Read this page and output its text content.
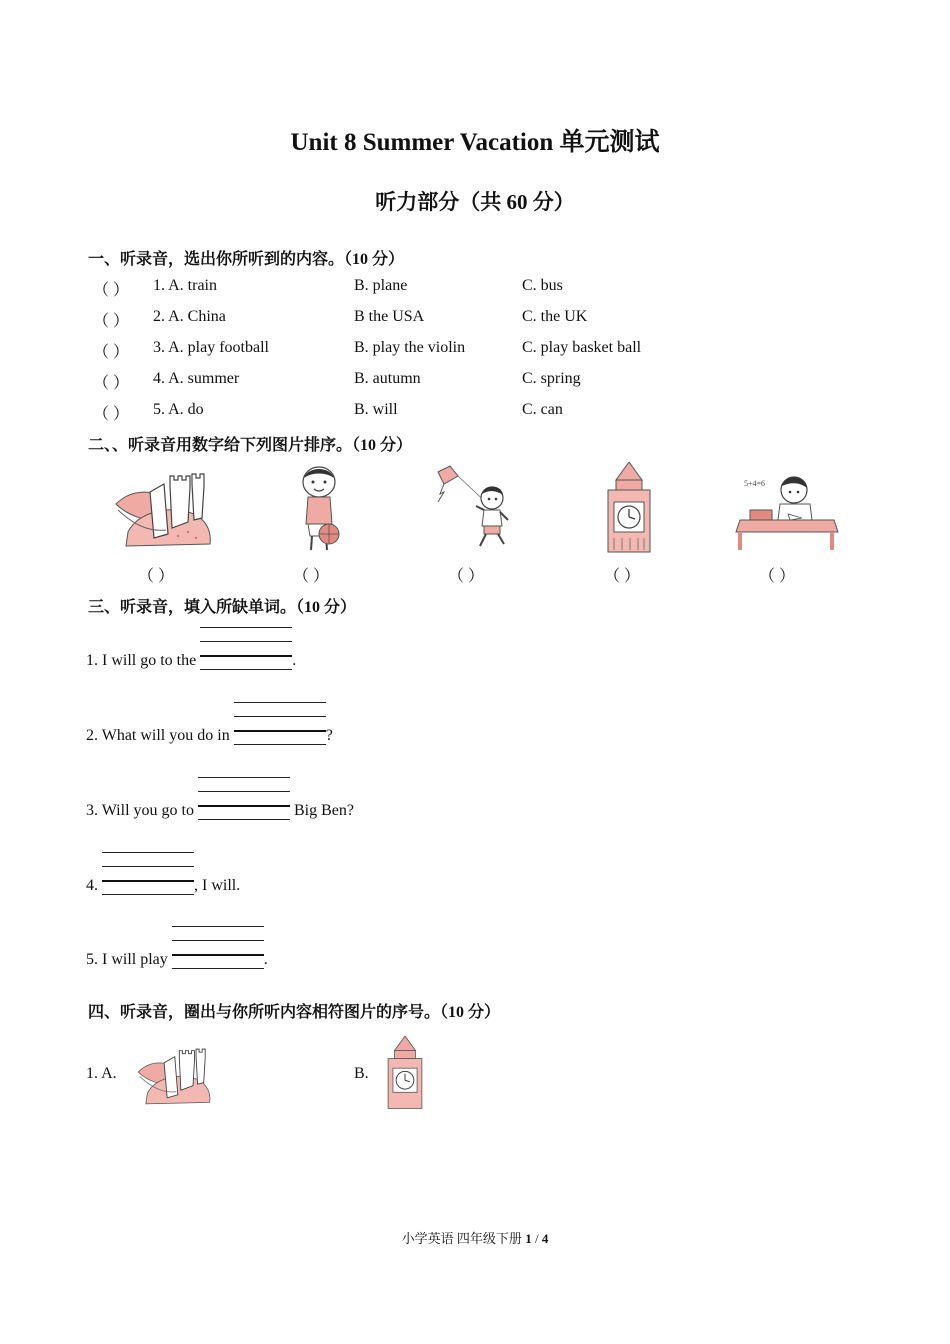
Unit 8 Summer Vacation 单元测试
听力部分（共 60 分）
一、听录音，选出你所听到的内容。（10 分）
（ ） 1. A. train	B. plane	C. bus
（ ） 2. A. China	B the USA	C. the UK
（ ） 3. A. play football	B. play the violin	C. play basket ball
（ ） 4. A. summer	B. autumn	C. spring
（ ） 5. A. do	B. will	C. can
二、、听录音用数字给下列图片排序。（10 分）
5+4=6
（ ）	（ ）	（ ）	（ ）	（ ）
三、听录音，填入所缺单词。（10 分）
1. I will go to the	.
2. What will you do in	?
3. Will you go to	Big Ben?
4.	, I will.
5. I will play	.
四、听录音，圈出与你所听内容相符图片的序号。（10 分）
1. A.	B.
小学英语 四年级下册 1 / 4
